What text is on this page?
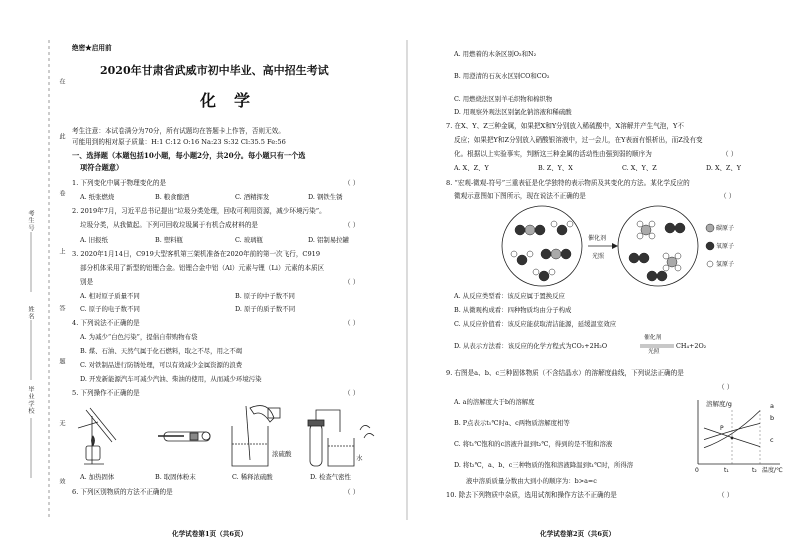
在
此
卷
上
答
题
无
效
考生号
姓名
毕业学校
绝密★启用前
2020年甘肃省武威市初中毕业、高中招生考试
化学
考生注意：本试卷满分为70分，所有试题均在答题卡上作答，否则无效。
可能用到的相对原子质量：H:1 C:12 O:16 Na:23 S:32 Cl:35.5 Fe:56
一、选择题（本题包括10小题，每小题2分，共20分。每小题只有一个选
项符合题意）
1. 下列变化中属于物理变化的是	（ ）
A. 纸张燃烧	B. 粮食酿酒	C. 酒精挥发	D. 钢铁生锈
2. 2019年7月，习近平总书记提出“垃圾分类处理，回收可利用资源，减少环境污染”。
垃圾分类，从我做起。下列可回收垃圾属于有机合成材料的是	（ ）
A. 旧报纸	B. 塑料瓶	C. 玻璃瓶	D. 铝制易拉罐
3. 2020年1月14日，C919大型客机第三架机准备在2020年前的第一次飞行，C919
部分机体采用了新型的铝锂合金。铝锂合金中铝（Al）元素与锂（Li）元素的本质区
别是	（ ）
A. 相对原子质量不同	B. 原子的中子数不同
C. 原子的电子数不同	D. 原子的质子数不同
4. 下列说法不正确的是	（ ）
A. 为减少“白色污染”，提倡自带购物布袋
B. 煤、石油、天然气属于化石燃料，取之不尽，用之不竭
C. 对铁制品进行防锈处理，可以有效减少金属资源的浪费
D. 开发新能源汽车可减少汽油、柴油的使用，从而减少环境污染
5. 下列操作不正确的是	（ ）
浓硫酸	水
A. 加热固体	B. 取固体粉末	C. 稀释浓硫酸	D. 检查气密性
6. 下列区别物质的方法不正确的是	（ ）
化学试卷第1页（共6页）
A. 用燃着的木条区别O₂和N₂
B. 用澄清的石灰水区别CO和CO₂
C. 用燃烧法区别羊毛织物和棉织物
D. 用观察外观法区别氯化钠溶液和稀硫酸
7. 在X、Y、Z三种金属，如果把X和Y分别放入稀硫酸中，X溶解并产生气泡，Y不
反应；如果把Y和Z分别放入硝酸银溶液中，过一会儿，在Y表面有银析出，而Z没有变
化。根据以上实验事实，判断这三种金属的活动性由强到弱的顺序为	（ ）
A. X、Z、Y	B. Z、Y、X	C. X、Y、Z	D. X、Z、Y
8. “宏观-微观-符号”三重表征是化学独特的表示物质及其变化的方法。某化学反应的
微观示意图如下图所示，现在说法不正确的是	（ ）
催化剂
光照
碳原子
氧原子
氢原子
A. 从反应类型看：该反应属于置换反应
B. 从微观构成看：四种物质均由分子构成
C. 从反应价值看：该反应能获取清洁能源，延缓温室效应
D. 从表示方法看：该反应的化学方程式为CO₂+2H₂O
催化剂
光照
CH₄+2O₂
9. 右图是a、b、c三种固体物质（不含结晶水）的溶解度曲线，下列说法正确的是
（ ）
A. a的溶解度大于b的溶解度
B. P点表示t₁℃时a、c两物质溶解度相等
C. 将t₁℃饱和的c溶液升温到t₂℃，得到的是不饱和溶液
D. 将t₂℃，a、b、c三种物质的饱和溶液降温到t₁℃时，所得溶
液中溶质质量分数由大到小的顺序为：b>a=c
溶解度/g
温度/℃
0	t₁	t₂
a
b
c
P
10. 除去下列物质中杂质，选用试剂和操作方法不正确的是	（ ）
化学试卷第2页（共6页）
